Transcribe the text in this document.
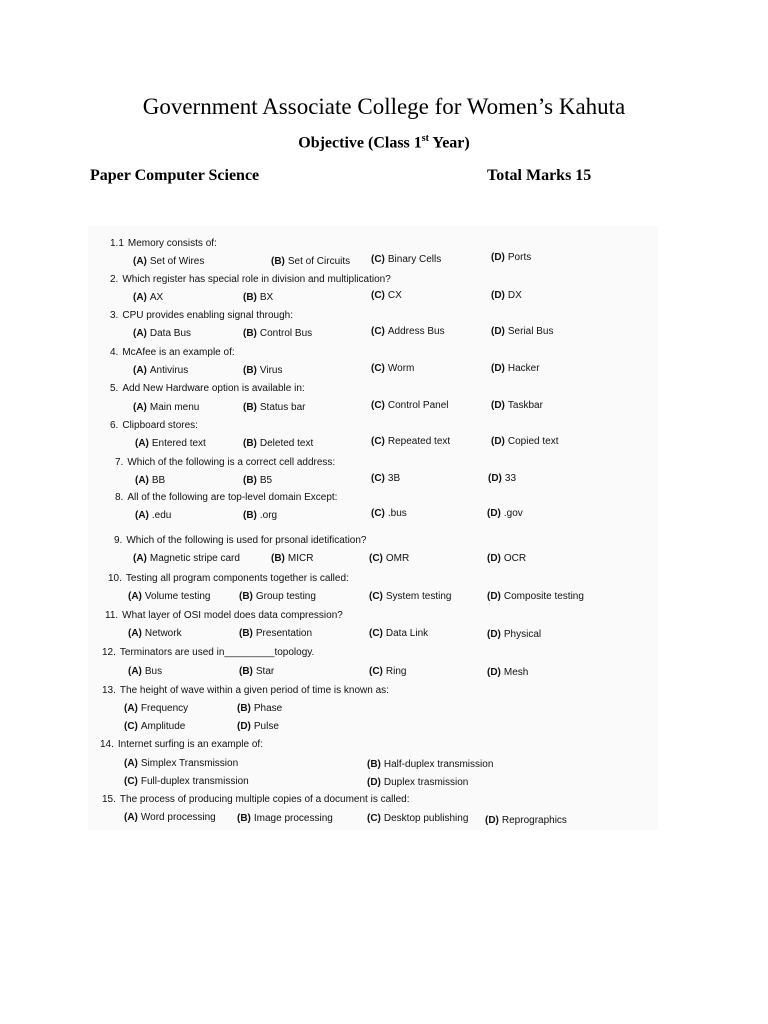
Government Associate College for Women’s Kahuta
Objective (Class 1st Year)
Paper Computer Science	Total Marks 15
1.1 Memory consists of:
(A) Set of Wires	(B) Set of Circuits (C) Binary Cells	(D) Ports
2. Which register has special role in division and multiplication?
(A) AX	(B) BX	(C) CX	(D) DX
3. CPU provides enabling signal through:
(A) Data Bus	(B) Control Bus	(C) Address Bus	(D) Serial Bus
4. McAfee is an example of:
(A) Antivirus	(B) Virus	(C) Worm	(D) Hacker
5. Add New Hardware option is available in:
(A) Main menu	(B) Status bar	(C) Control Panel	(D) Taskbar
6. Clipboard stores:
(A) Entered text	(B) Deleted text	(C) Repeated text	(D) Copied text
7. Which of the following is a correct cell address:
(A) BB	(B) B5	(C) 3B	(D) 33
8. All of the following are top-level domain Except:
(A) .edu	(B) .org	(C) .bus	(D) .gov
9. Which of the following is used for prsonal idetification?
(A) Magnetic stripe card	(B) MICR	(C) OMR	(D) OCR
10. Testing all program components together is called:
(A) Volume testing	(B) Group testing	(C) System testing	(D) Composite testing
11. What layer of OSI model does data compression?
(A) Network	(B) Presentation	(C) Data Link	(D) Physical
12. Terminators are used in_________topology.
(A) Bus	(B) Star	(C) Ring	(D) Mesh
13. The height of wave within a given period of time is known as:
(A) Frequency	(B) Phase
(C) Amplitude	(D) Pulse
14. Internet surfing is an example of:
(A) Simplex Transmission	(B) Half-duplex transmission
(C) Full-duplex transmission	(D) Duplex trasmission
15. The process of producing multiple copies of a document is called:
(A) Word processing (B) Image processing	(C) Desktop publishing (D) Reprographics
